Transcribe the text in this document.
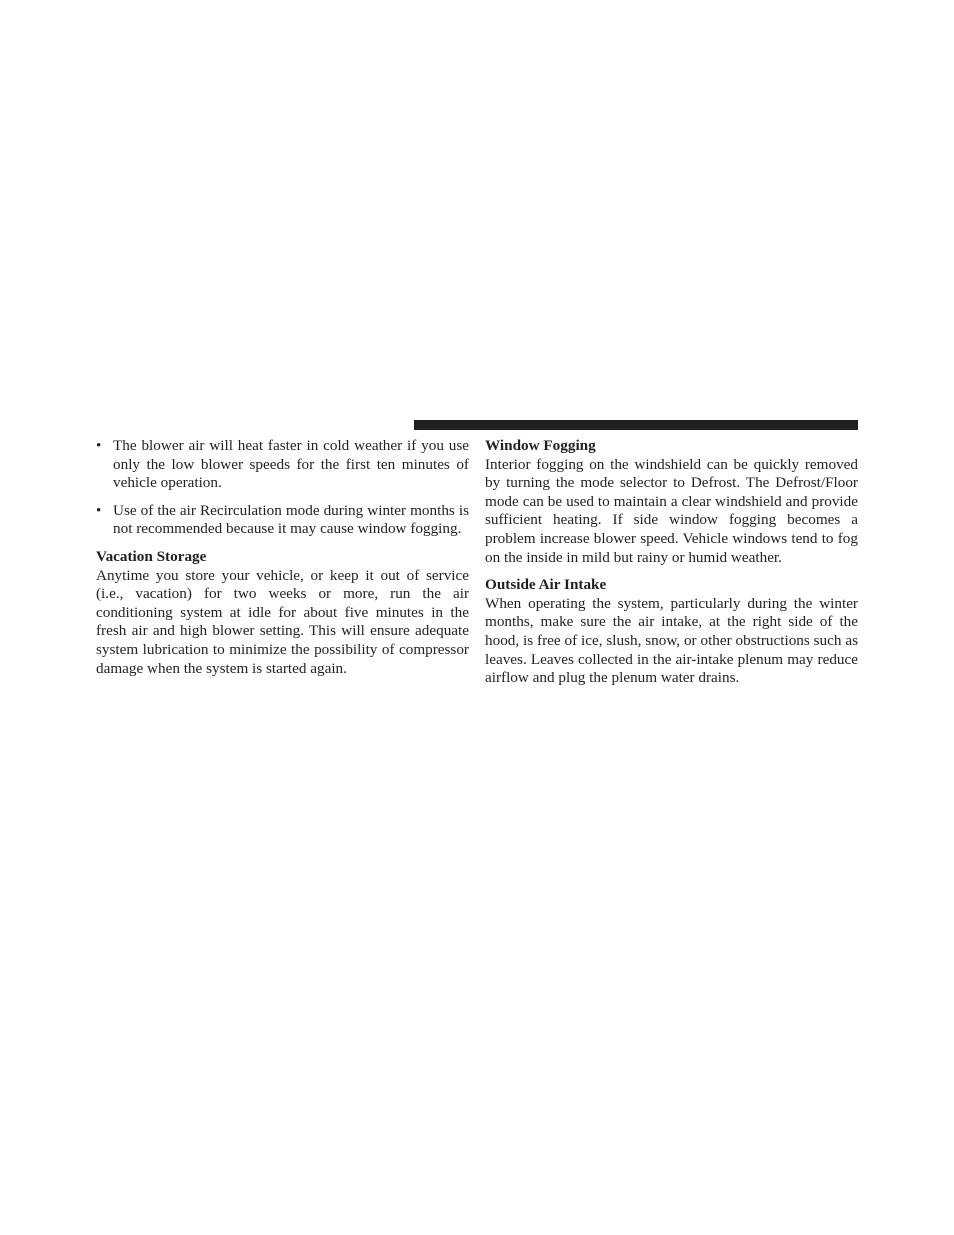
• The blower air will heat faster in cold weather if you use only the low blower speeds for the first ten minutes of vehicle operation.

• Use of the air Recirculation mode during winter months is not recommended because it may cause window fogging.

Vacation Storage

Anytime you store your vehicle, or keep it out of service (i.e., vacation) for two weeks or more, run the air conditioning system at idle for about five minutes in the fresh air and high blower setting. This will ensure adequate system lubrication to minimize the possibility of compressor damage when the system is started again.

Window Fogging

Interior fogging on the windshield can be quickly removed by turning the mode selector to Defrost. The Defrost/Floor mode can be used to maintain a clear windshield and provide sufficient heating. If side window fogging becomes a problem increase blower speed. Vehicle windows tend to fog on the inside in mild but rainy or humid weather.

Outside Air Intake

When operating the system, particularly during the winter months, make sure the air intake, at the right side of the hood, is free of ice, slush, snow, or other obstructions such as leaves. Leaves collected in the air-intake plenum may reduce airflow and plug the plenum water drains.
